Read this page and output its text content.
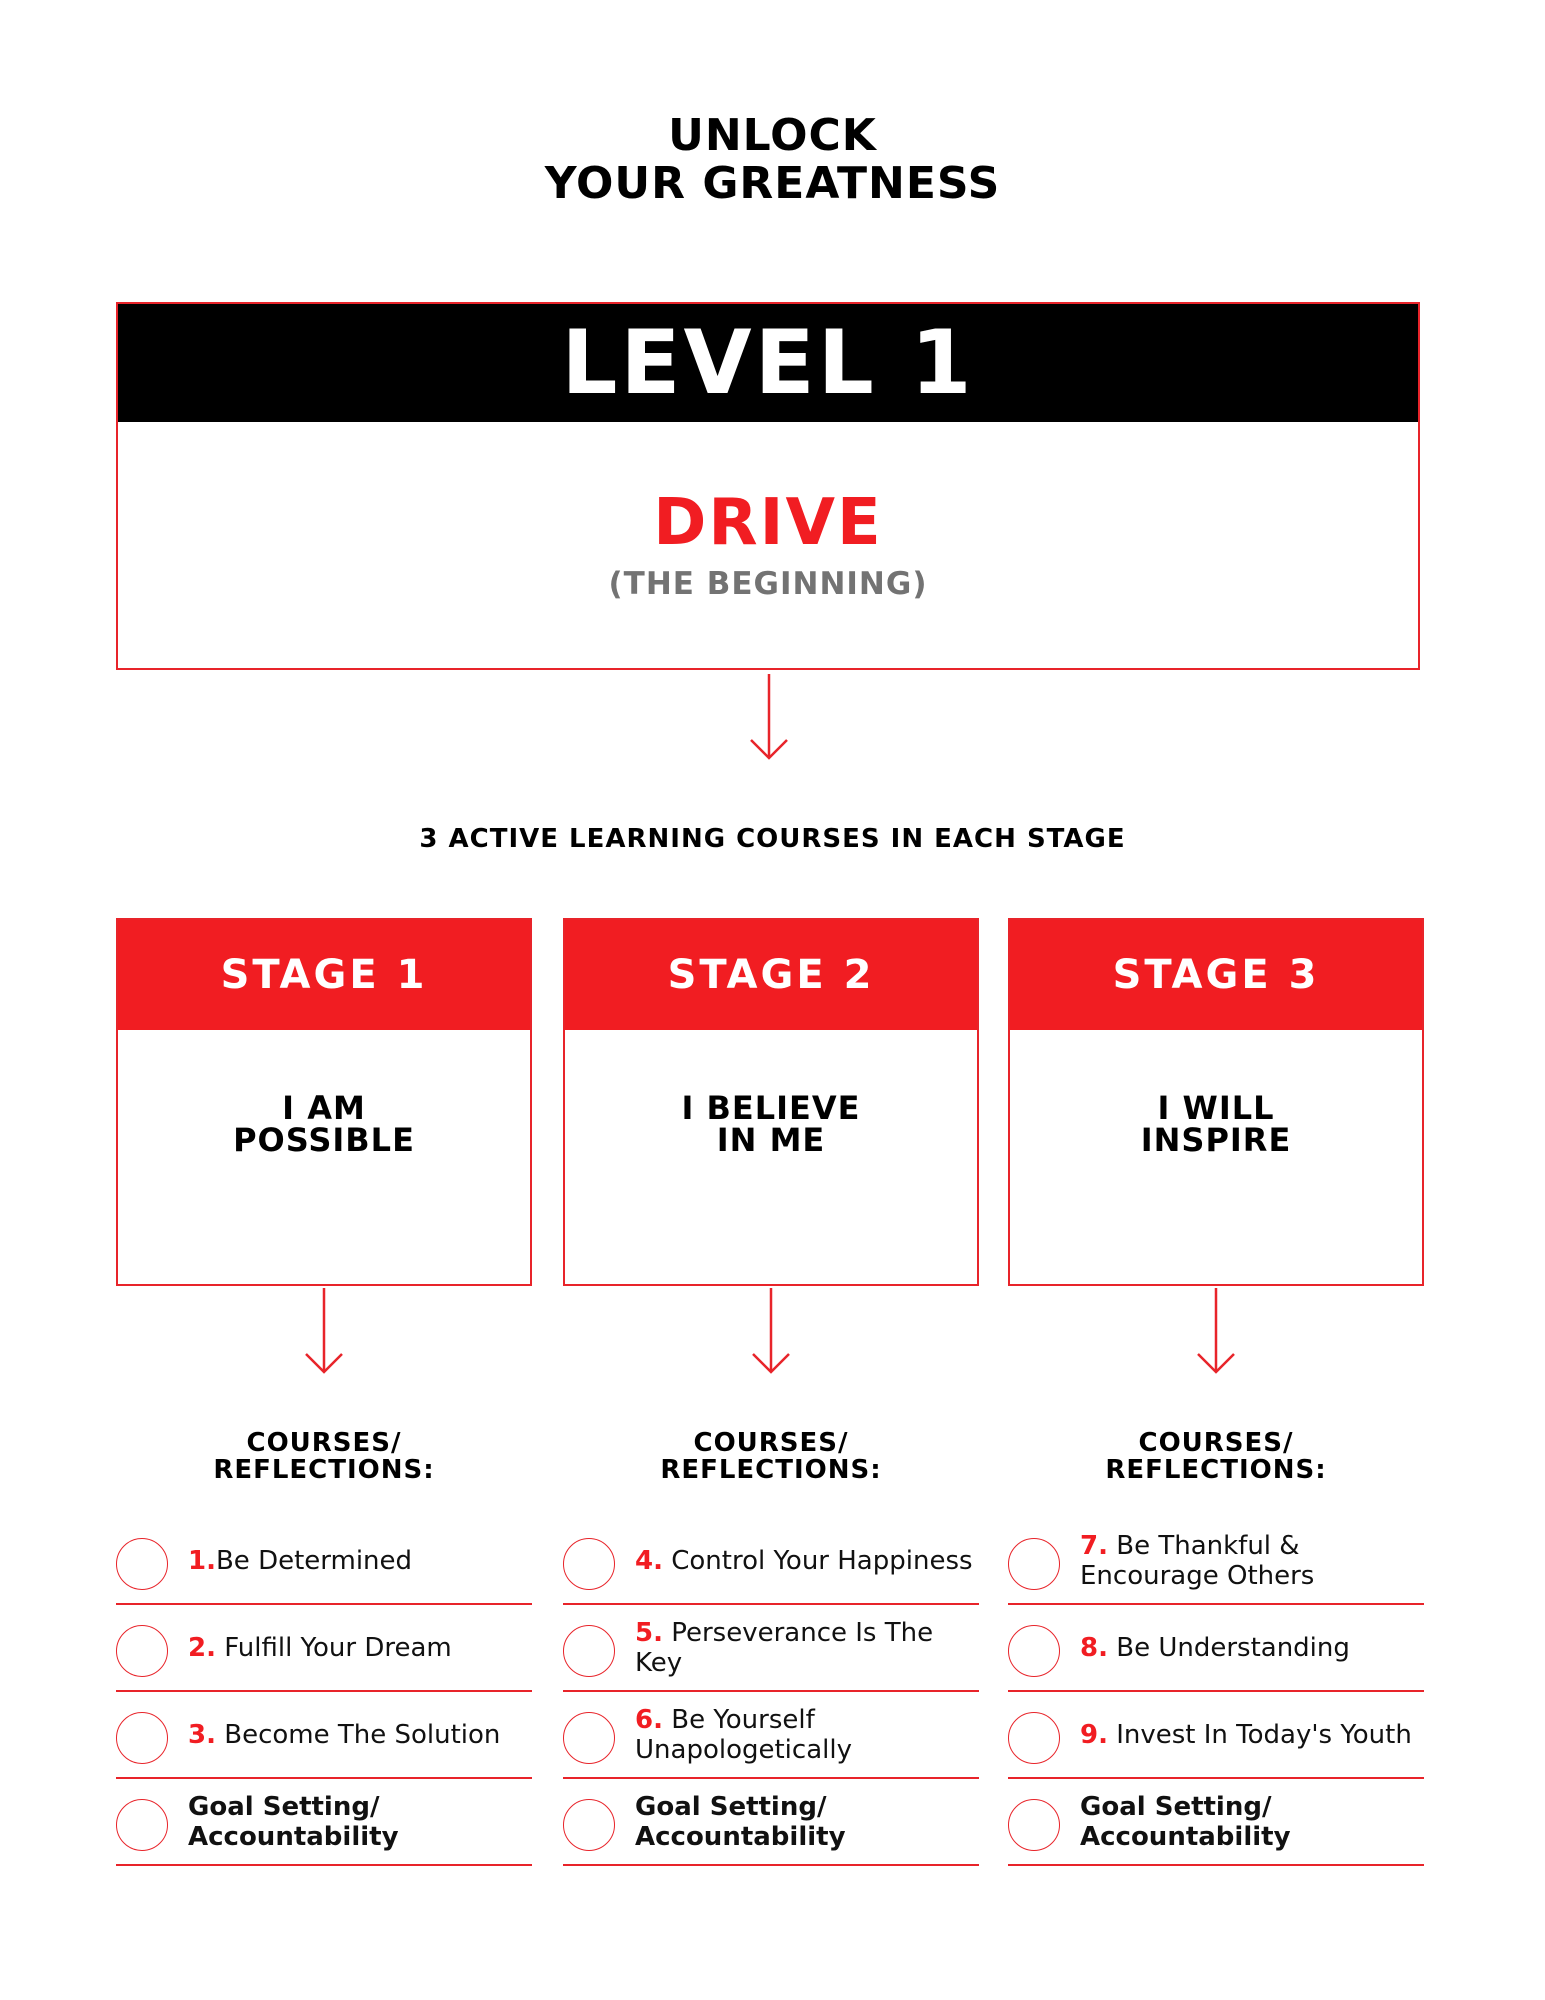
UNLOCK
YOUR GREATNESS
LEVEL 1
DRIVE
(THE BEGINNING)
3 ACTIVE LEARNING COURSES IN EACH STAGE
STAGE 1
I AM
POSSIBLE
COURSES/
REFLECTIONS:
1.Be Determined
2. Fulfill Your Dream
3. Become The Solution
Goal Setting/ Accountability
STAGE 2
I BELIEVE
IN ME
COURSES/
REFLECTIONS:
4. Control Your Happiness
5. Perseverance Is The Key
6. Be Yourself Unapologetically
Goal Setting/ Accountability
STAGE 3
I WILL
INSPIRE
COURSES/
REFLECTIONS:
7. Be Thankful & Encourage Others
8. Be Understanding
9. Invest In Today's Youth
Goal Setting/ Accountability
